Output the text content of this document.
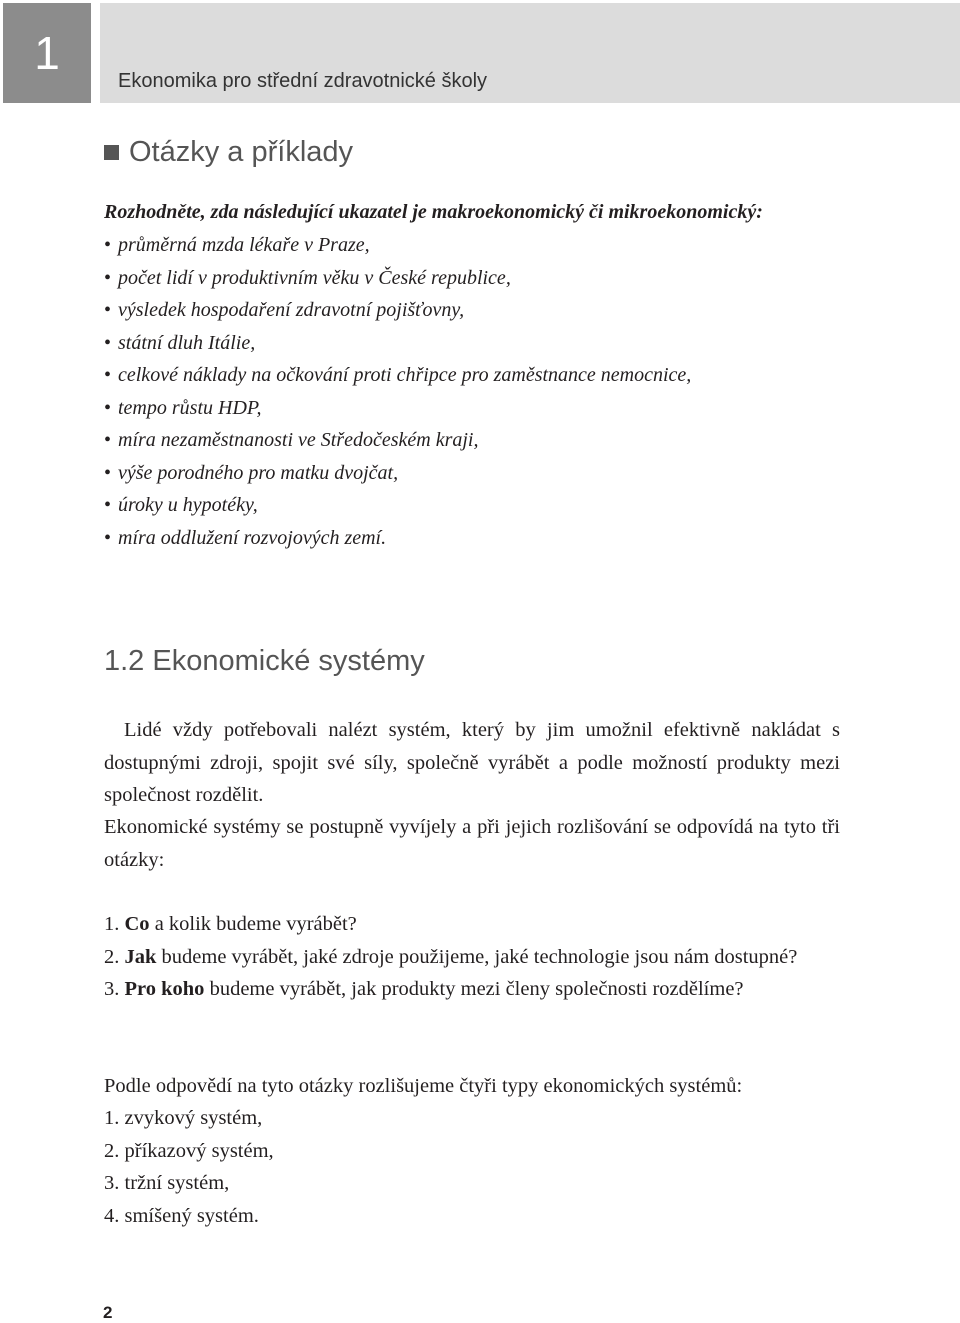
1
Ekonomika pro střední zdravotnické školy
Otázky a příklady
Rozhodněte, zda následující ukazatel je makroekonomický či mikroekonomický:
• průměrná mzda lékaře v Praze,
• počet lidí v produktivním věku v České republice,
• výsledek hospodaření zdravotní pojišťovny,
• státní dluh Itálie,
• celkové náklady na očkování proti chřipce pro zaměstnance nemocnice,
• tempo růstu HDP,
• míra nezaměstnanosti ve Středočeském kraji,
• výše porodného pro matku dvojčat,
• úroky u hypotéky,
• míra oddlužení rozvojových zemí.
1.2 Ekonomické systémy

Lidé vždy potřebovali nalézt systém, který by jim umožnil efektivně nakládat s dostupnými zdroji, spojit své síly, společně vyrábět a podle možností produkty mezi společnost rozdělit.

Ekonomické systémy se postupně vyvíjely a při jejich rozlišování se odpovídá na tyto tři otázky:

1. Co a kolik budeme vyrábět?
2. Jak budeme vyrábět, jaké zdroje použijeme, jaké technologie jsou nám dostupné?
3. Pro koho budeme vyrábět, jak produkty mezi členy společnosti rozdělíme?

Podle odpovědí na tyto otázky rozlišujeme čtyři typy ekonomických systémů:

1. zvykový systém,
2. příkazový systém,
3. tržní systém,
4. smíšený systém.
2
